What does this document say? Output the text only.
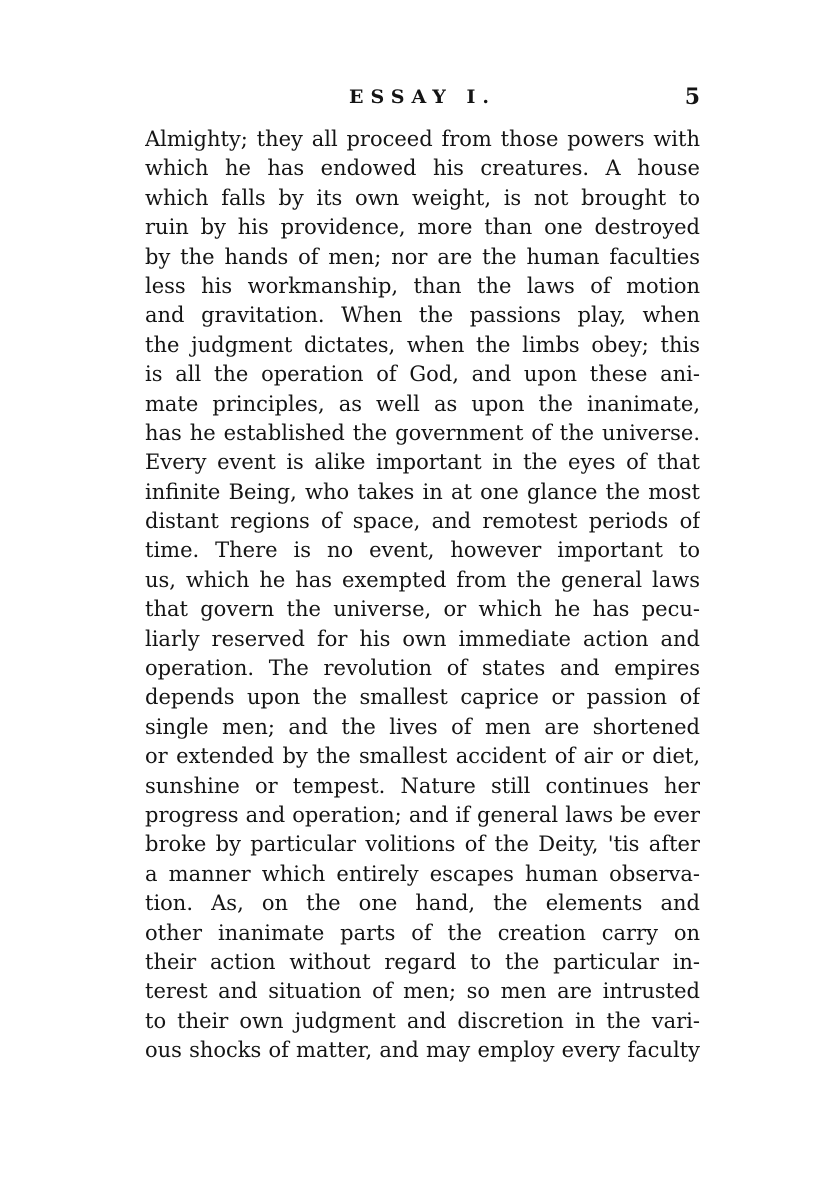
ESSAY I.	5
Almighty; they all proceed from those powers with
which he has endowed his creatures. A house
which falls by its own weight, is not brought to
ruin by his providence, more than one destroyed
by the hands of men; nor are the human faculties
less his workmanship, than the laws of motion
and gravitation. When the passions play, when
the judgment dictates, when the limbs obey; this
is all the operation of God, and upon these ani-
mate principles, as well as upon the inanimate,
has he established the government of the universe.
Every event is alike important in the eyes of that
infinite Being, who takes in at one glance the most
distant regions of space, and remotest periods of
time. There is no event, however important to
us, which he has exempted from the general laws
that govern the universe, or which he has pecu-
liarly reserved for his own immediate action and
operation. The revolution of states and empires
depends upon the smallest caprice or passion of
single men; and the lives of men are shortened
or extended by the smallest accident of air or diet,
sunshine or tempest. Nature still continues her
progress and operation; and if general laws be ever
broke by particular volitions of the Deity, 'tis after
a manner which entirely escapes human observa-
tion. As, on the one hand, the elements and
other inanimate parts of the creation carry on
their action without regard to the particular in-
terest and situation of men; so men are intrusted
to their own judgment and discretion in the vari-
ous shocks of matter, and may employ every faculty
